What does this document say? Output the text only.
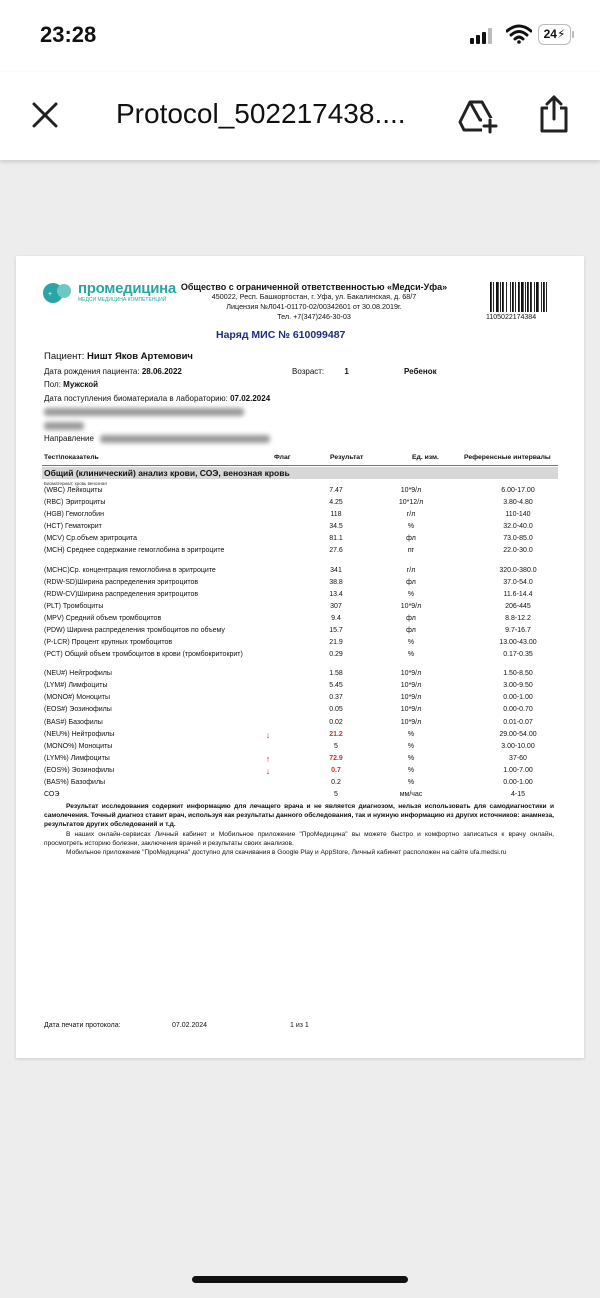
23:28	24⚡
Protocol_502217438....
+ промедицина
МЕДСИ МЕДИЦИНА КОМПЕТЕНЦИЙ
Общество с ограниченной ответственностью «Медси-Уфа»
450022, Респ. Башкортостан, г. Уфа, ул. Бакалинская, д. 68/7
Лицензия №Л041-01170-02/00342601 от 30.08.2019г.
Тел. +7(347)246-30-03
Наряд МИС № 610099487
1105022174384
Пациент: Ништ Яков Артемович
Дата рождения пациента: 28.06.2022	Возраст:	1	Ребенок
Пол: Мужской
Дата поступления биоматериала в лабораторию: 07.02.2024
Направление
Тест\показатель	Флаг	Результат	Ед. изм.	Референсные интервалы
Общий (клинический) анализ крови, СОЭ, венозная кровь
Биоматериал: кровь венозная
(WBC) Лейкоциты	7.47	10*9/л	6.00-17.00
(RBC) Эритроциты	4.25	10*12/л	3.80-4.80
(HGB) Гемоглобин	118	г/л	110-140
(HCT) Гематокрит	34.5	%	32.0-40.0
(MCV) Ср.объем эритроцита	81.1	фл	73.0-85.0
(MCH) Среднее содержание гемоглобина в эритроците	27.6	пг	22.0-30.0
(MCHC)Ср. концентрация гемоглобина в эритроците	341	г/л	320.0-380.0
(RDW-SD)Ширина распределения эритроцитов	38.8	фл	37.0-54.0
(RDW-CV)Ширина распределения эритроцитов	13.4	%	11.6-14.4
(PLT) Тромбоциты	307	10*9/л	206-445
(MPV) Средний объем тромбоцитов	9.4	фл	8.8-12.2
(PDW) Ширина распределения тромбоцитов по объему	15.7	фл	9.7-16.7
(P-LCR) Процент крупных тромбоцитов	21.9	%	13.00-43.00
(PCT) Общий объем тромбоцитов в крови (тромбокритокрит)	0.29	%	0.17-0.35
(NEU#) Нейтрофилы	1.58	10*9/л	1.50-8.50
(LYM#) Лимфоциты	5.45	10*9/л	3.00-9.50
(MONO#) Моноциты	0.37	10*9/л	0.00-1.00
(EOS#) Эозинофилы	0.05	10*9/л	0.00-0.70
(BAS#) Базофилы	0.02	10*9/л	0.01-0.07
(NEU%) Нейтрофилы	↓	21.2	%	29.00-54.00
(MONO%) Моноциты	5	%	3.00-10.00
(LYM%) Лимфоциты	↑	72.9	%	37-60
(EOS%) Эозинофилы	↓	0.7	%	1.00-7.00
(BAS%) Базофилы	0.2	%	0.00-1.00
СОЭ	5	мм/час	4-15
Результат исследования содержит информацию для лечащего врача и не является диагнозом, нельзя использовать для самодиагностики и самолечения. Точный диагноз ставит врач, используя как результаты данного обследования, так и нужную информацию из других источников: анамнеза, результатов других обследований и т.д.
В наших онлайн-сервисах Личный кабинет и Мобильное приложение "ПроМедицина" вы можете быстро и комфортно записаться к врачу онлайн, просмотреть историю болезни, заключения врачей и результаты своих анализов.
Мобильное приложение "ПроМедицина" доступно для скачивания в Google Play и AppStore, Личный кабинет расположен на сайте ufa.medsi.ru
Дата печати протокола:	07.02.2024	1 из 1
